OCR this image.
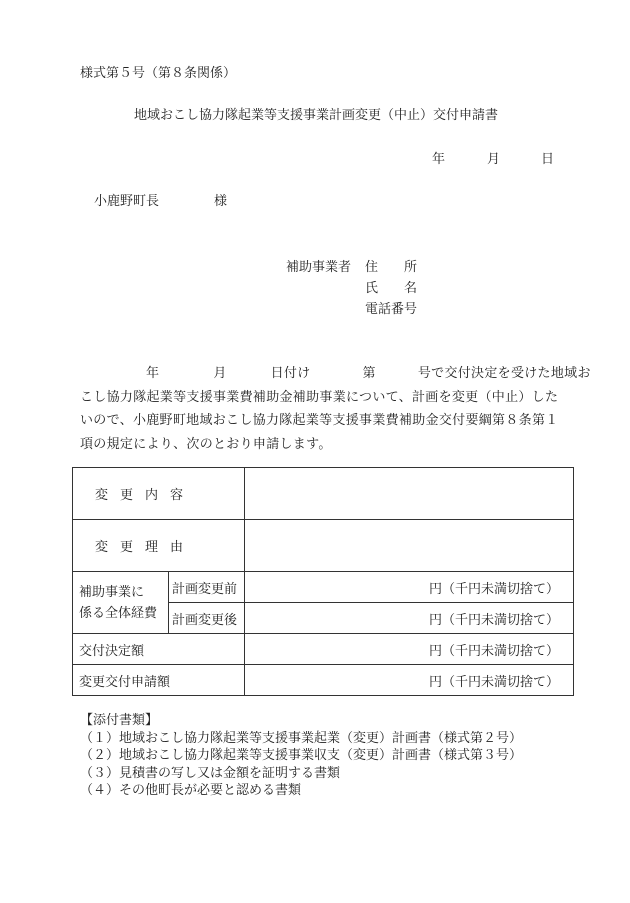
様式第５号（第８条関係）
地域おこし協力隊起業等支援事業計画変更（中止）交付申請書
年	月	日
小鹿野町長	様
補助事業者 住　　所
氏　　名
電話番号
年	月	日付け	第	号で交付決定を受けた地域お
こし協力隊起業等支援事業費補助金補助事業について、計画を変更（中止）した
いので、小鹿野町地域おこし協力隊起業等支援事業費補助金交付要綱第８条第１
項の規定により、次のとおり申請します。
変更内容		
変更理由		

補助事業に
係る全体経費	計画変更前	円（千円未満切捨て）
	計画変更後	円（千円未満切捨て）
交付決定額		円（千円未満切捨て）
変更交付申請額		円（千円未満切捨て）
【添付書類】
（１）地域おこし協力隊起業等支援事業起業（変更）計画書（様式第２号）
（２）地域おこし協力隊起業等支援事業収支（変更）計画書（様式第３号）
（３）見積書の写し又は金額を証明する書類
（４）その他町長が必要と認める書類
